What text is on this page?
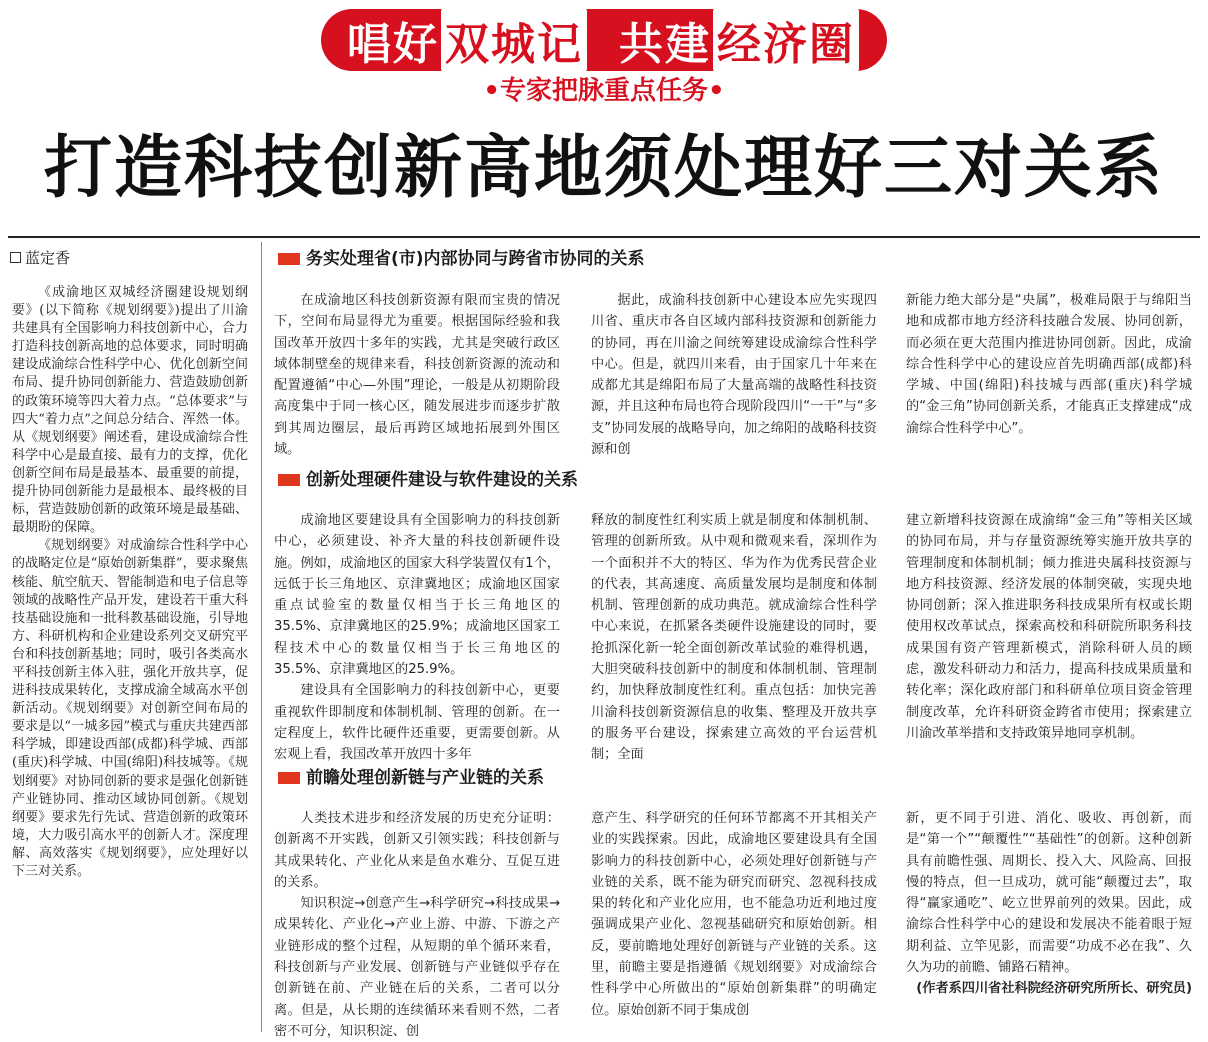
唱好 双城记 共建 经济圈
•专家把脉重点任务•
打造科技创新高地须处理好三对关系
蓝定香

《成渝地区双城经济圈建设规划纲要》(以下简称《规划纲要》)提出了川渝共建具有全国影响力科技创新中心，合力打造科技创新高地的总体要求，同时明确建设成渝综合性科学中心、优化创新空间布局、提升协同创新能力、营造鼓励创新的政策环境等四大着力点。“总体要求”与四大“着力点”之间总分结合、浑然一体。从《规划纲要》阐述看，建设成渝综合性科学中心是最直接、最有力的支撑，优化创新空间布局是最基本、最重要的前提，提升协同创新能力是最根本、最终极的目标，营造鼓励创新的政策环境是最基础、最期盼的保障。

《规划纲要》对成渝综合性科学中心的战略定位是“原始创新集群”，要求聚焦核能、航空航天、智能制造和电子信息等领域的战略性产品开发，建设若干重大科技基础设施和一批科教基础设施，引导地方、科研机构和企业建设系列交叉研究平台和科技创新基地；同时，吸引各类高水平科技创新主体入驻，强化开放共享，促进科技成果转化，支撑成渝全域高水平创新活动。《规划纲要》对创新空间布局的要求是以“一城多园”模式与重庆共建西部科学城，即建设西部(成都)科学城、西部(重庆)科学城、中国(绵阳)科技城等。《规划纲要》对协同创新的要求是强化创新链产业链协同、推动区域协同创新。《规划纲要》要求先行先试、营造创新的政策环境，大力吸引高水平的创新人才。深度理解、高效落实《规划纲要》，应处理好以下三对关系。

务实处理省(市)内部协同与跨省市协同的关系

在成渝地区科技创新资源有限而宝贵的情况下，空间布局显得尤为重要。根据国际经验和我国改革开放四十多年的实践，尤其是突破行政区域体制壁垒的规律来看，科技创新资源的流动和配置遵循“中心—外围”理论，一般是从初期阶段高度集中于同一核心区，随发展进步而逐步扩散到其周边圈层，最后再跨区域地拓展到外围区域。

据此，成渝科技创新中心建设本应先实现四川省、重庆市各自区域内部科技资源和创新能力的协同，再在川渝之间统筹建设成渝综合性科学中心。但是，就四川来看，由于国家几十年来在成都尤其是绵阳布局了大量高端的战略性科技资源，并且这种布局也符合现阶段四川“一干”与“多支”协同发展的战略导向，加之绵阳的战略科技资源和创

新能力绝大部分是“央属”，极难局限于与绵阳当地和成都市地方经济科技融合发展、协同创新，而必须在更大范围内推进协同创新。因此，成渝综合性科学中心的建设应首先明确西部(成都)科学城、中国(绵阳)科技城与西部(重庆)科学城的“金三角”协同创新关系，才能真正支撑建成“成渝综合性科学中心”。

创新处理硬件建设与软件建设的关系

成渝地区要建设具有全国影响力的科技创新中心，必须建设、补齐大量的科技创新硬件设施。例如，成渝地区的国家大科学装置仅有1个，远低于长三角地区、京津冀地区；成渝地区国家重点试验室的数量仅相当于长三角地区的35.5%、京津冀地区的25.9%；成渝地区国家工程技术中心的数量仅相当于长三角地区的35.5%、京津冀地区的25.9%。

建设具有全国影响力的科技创新中心，更要重视软件即制度和体制机制、管理的创新。在一定程度上，软件比硬件还重要，更需要创新。从宏观上看，我国改革开放四十多年

释放的制度性红利实质上就是制度和体制机制、管理的创新所致。从中观和微观来看，深圳作为一个面积并不大的特区、华为作为优秀民营企业的代表，其高速度、高质量发展均是制度和体制机制、管理创新的成功典范。就成渝综合性科学中心来说，在抓紧各类硬件设施建设的同时，要抢抓深化新一轮全面创新改革试验的难得机遇，大胆突破科技创新中的制度和体制机制、管理制约，加快释放制度性红利。重点包括：加快完善川渝科技创新资源信息的收集、整理及开放共享的服务平台建设，探索建立高效的平台运营机制；全面

建立新增科技资源在成渝绵“金三角”等相关区域的协同布局，并与存量资源统筹实施开放共享的管理制度和体制机制；倾力推进央属科技资源与地方科技资源、经济发展的体制突破，实现央地协同创新；深入推进职务科技成果所有权或长期使用权改革试点，探索高校和科研院所职务科技成果国有资产管理新模式，消除科研人员的顾虑，激发科研动力和活力，提高科技成果质量和转化率；深化政府部门和科研单位项目资金管理制度改革，允许科研资金跨省市使用；探索建立川渝改革举措和支持政策异地同享机制。

前瞻处理创新链与产业链的关系

人类技术进步和经济发展的历史充分证明：创新离不开实践，创新又引领实践；科技创新与其成果转化、产业化从来是鱼水难分、互促互进的关系。

知识积淀→创意产生→科学研究→科技成果→成果转化、产业化→产业上游、中游、下游之产业链形成的整个过程，从短期的单个循环来看，科技创新与产业发展、创新链与产业链似乎存在创新链在前、产业链在后的关系，二者可以分离。但是，从长期的连续循环来看则不然，二者密不可分，知识积淀、创

意产生、科学研究的任何环节都离不开其相关产业的实践探索。因此，成渝地区要建设具有全国影响力的科技创新中心，必须处理好创新链与产业链的关系，既不能为研究而研究、忽视科技成果的转化和产业化应用，也不能急功近利地过度强调成果产业化、忽视基础研究和原始创新。相反，要前瞻地处理好创新链与产业链的关系。这里，前瞻主要是指遵循《规划纲要》对成渝综合性科学中心所做出的“原始创新集群”的明确定位。原始创新不同于集成创

新，更不同于引进、消化、吸收、再创新，而是“第一个”“颠覆性”“基础性”的创新。这种创新具有前瞻性强、周期长、投入大、风险高、回报慢的特点，但一旦成功，就可能“颠覆过去”，取得“赢家通吃”、屹立世界前列的效果。因此，成渝综合性科学中心的建设和发展决不能着眼于短期利益、立竿见影，而需要“功成不必在我”、久久为功的前瞻、铺路石精神。

(作者系四川省社科院经济研究所所长、研究员)
